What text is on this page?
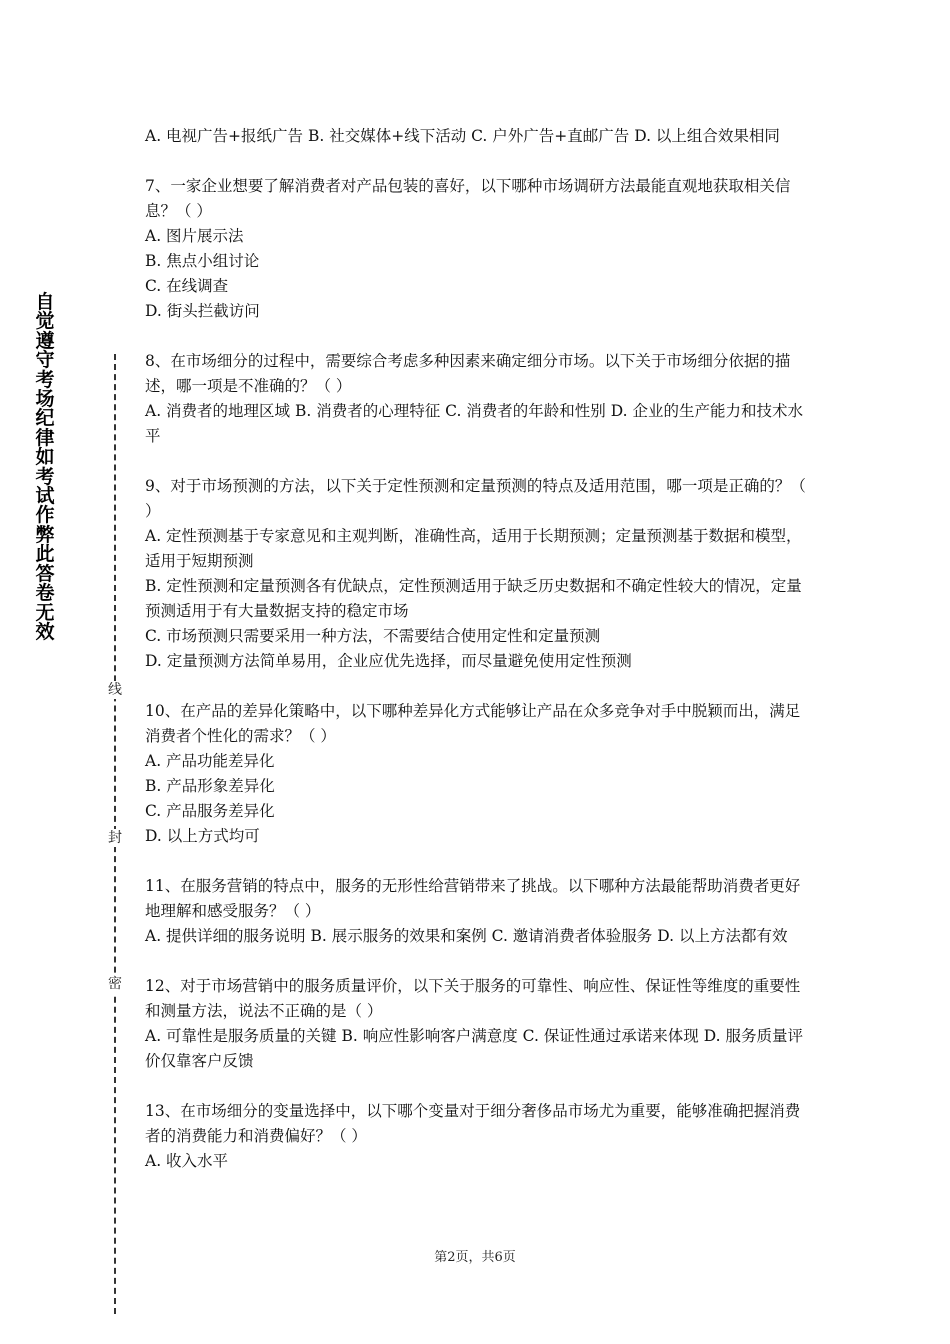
自觉遵守考场纪律如考试作弊此答卷无效
线
封
密

A. 电视广告+报纸广告 B. 社交媒体+线下活动 C. 户外广告+直邮广告 D. 以上组合效果相同

7、一家企业想要了解消费者对产品包装的喜好，以下哪种市场调研方法最能直观地获取相关信息？（ ）

A. 图片展示法

B. 焦点小组讨论

C. 在线调查

D. 街头拦截访问

8、在市场细分的过程中，需要综合考虑多种因素来确定细分市场。以下关于市场细分依据的描述，哪一项是不准确的？（ ）

A. 消费者的地理区域 B. 消费者的心理特征 C. 消费者的年龄和性别 D. 企业的生产能力和技术水平

9、对于市场预测的方法，以下关于定性预测和定量预测的特点及适用范围，哪一项是正确的？（ ）

A. 定性预测基于专家意见和主观判断，准确性高，适用于长期预测；定量预测基于数据和模型，适用于短期预测

B. 定性预测和定量预测各有优缺点，定性预测适用于缺乏历史数据和不确定性较大的情况，定量预测适用于有大量数据支持的稳定市场

C. 市场预测只需要采用一种方法，不需要结合使用定性和定量预测

D. 定量预测方法简单易用，企业应优先选择，而尽量避免使用定性预测

10、在产品的差异化策略中，以下哪种差异化方式能够让产品在众多竞争对手中脱颖而出，满足消费者个性化的需求？（ ）

A. 产品功能差异化

B. 产品形象差异化

C. 产品服务差异化

D. 以上方式均可

11、在服务营销的特点中，服务的无形性给营销带来了挑战。以下哪种方法最能帮助消费者更好地理解和感受服务？（ ）

A. 提供详细的服务说明 B. 展示服务的效果和案例 C. 邀请消费者体验服务 D. 以上方法都有效

12、对于市场营销中的服务质量评价，以下关于服务的可靠性、响应性、保证性等维度的重要性和测量方法，说法不正确的是（ ）

A. 可靠性是服务质量的关键 B. 响应性影响客户满意度 C. 保证性通过承诺来体现 D. 服务质量评价仅靠客户反馈

13、在市场细分的变量选择中，以下哪个变量对于细分奢侈品市场尤为重要，能够准确把握消费者的消费能力和消费偏好？（ ）

A. 收入水平

第2页，共6页
